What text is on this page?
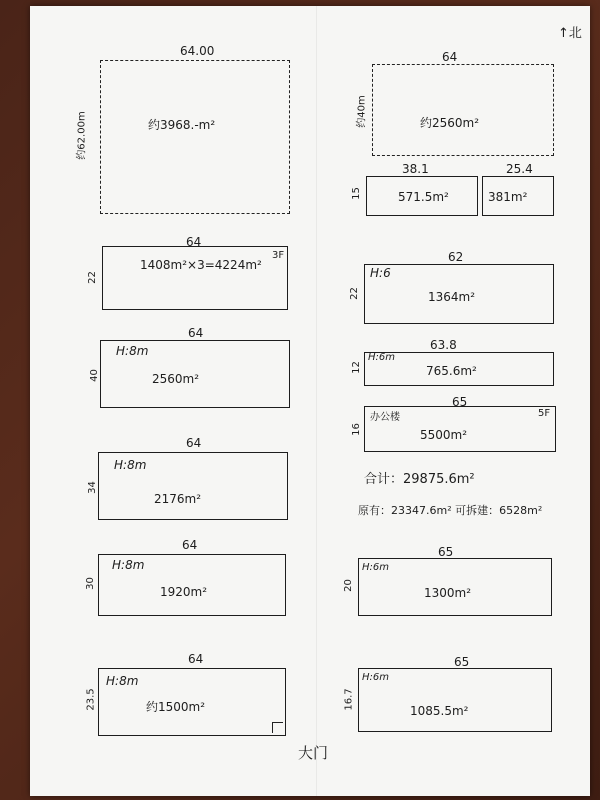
↑北
64.00
约62.00m	约3968.-m²
64
22
1408m²×3=4224m²
3F
64
40
H:8m
2560m²
64
34
H:8m
2176m²
64
30
H:8m
1920m²
64
23.5
H:8m
约1500m²
大门
64
约40m	约2560m²
38.1
15	571.5m²
25.4
381m²
62
22
H:6
1364m²
63.8
12
H:6m
765.6m²
65
16
办公楼
5500m²
5F
合计：29875.6m²
原有：23347.6m² 可拆建：6528m²
65
20
H:6m
1300m²
65
16.7
H:6m
1085.5m²
